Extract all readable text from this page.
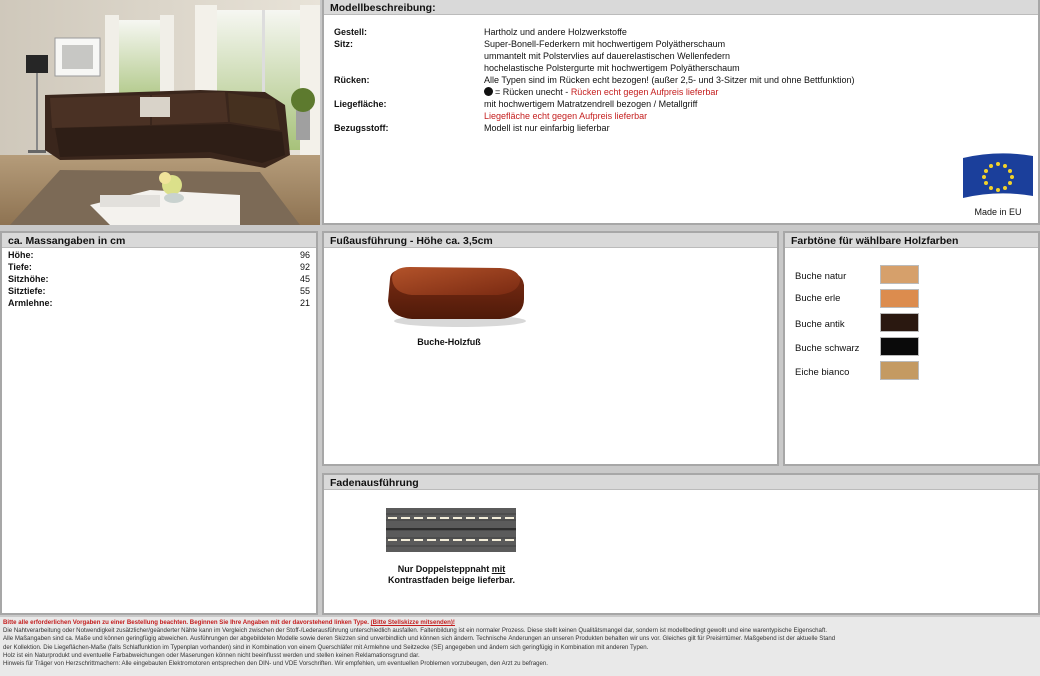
Modellbeschreibung:
Gestell:	Hartholz und andere Holzwerkstoffe
Sitz:	Super-Bonell-Federkern mit hochwertigem Polyätherschaum
ummantelt mit Polstervlies auf dauerelastischen Wellenfedern
hochelastische Polstergurte mit hochwertigem Polyätherschaum
Rücken:	Alle Typen sind im Rücken echt bezogen! (außer 2,5- und 3-Sitzer mit und ohne Bettfunktion)
= Rücken unecht - Rücken echt gegen Aufpreis lieferbar
Liegefläche:	mit hochwertigem Matratzendrell bezogen / Metallgriff
Liegefläche echt gegen Aufpreis lieferbar
Bezugsstoff:	Modell ist nur einfarbig lieferbar
Made in EU
ca. Massangaben in cm
Höhe:	96
Tiefe:	92
Sitzhöhe:	45
Sitztiefe:	55
Armlehne:	21
Fußausführung - Höhe ca. 3,5cm
Buche-Holzfuß
Farbtöne für wählbare Holzfarben
Buche natur
Buche erle
Buche antik
Buche schwarz
Eiche bianco
Fadenausführung
Nur Doppelsteppnaht mit
Kontrastfaden beige lieferbar.
Bitte alle erforderlichen Vorgaben zu einer Bestellung beachten. Beginnen Sie Ihre Angaben mit der davorstehend linken Type. (Bitte Stellskizze mitsenden)!
Die Nahtverarbeitung oder Notwendigkeit zusätzlicher/geänderter Nähte kann im Vergleich zwischen der Stoff-/Lederausführung unterschiedlich ausfallen. Faltenbildung ist ein normaler Prozess. Diese stellt keinen Qualitätsmangel dar, sondern ist modellbedingt gewollt und eine warentypische Eigenschaft.
Alle Maßangaben sind ca. Maße und können geringfügig abweichen. Ausführungen der abgebildeten Modelle sowie deren Skizzen sind unverbindlich und können sich ändern. Technische Änderungen an unseren Produkten behalten wir uns vor. Gleiches gilt für Preisirrtümer. Maßgebend ist der aktuelle Stand
der Kollektion. Die Liegeflächen-Maße (falls Schlaffunktion im Typenplan vorhanden) sind in Kombination von einem Querschläfer mit Armlehne und Seitzecke (SE) angegeben und ändern sich geringfügig in Kombination mit anderen Typen.
Holz ist ein Naturprodukt und eventuelle Farbabweichungen oder Maserungen können nicht beeinflusst werden und stellen keinen Reklamationsgrund dar.
Hinweis für Träger von Herzschrittmachern: Alle eingebauten Elektromotoren entsprechen den DIN- und VDE Vorschriften. Wir empfehlen, um eventuellen Problemen vorzubeugen, den Arzt zu befragen.
